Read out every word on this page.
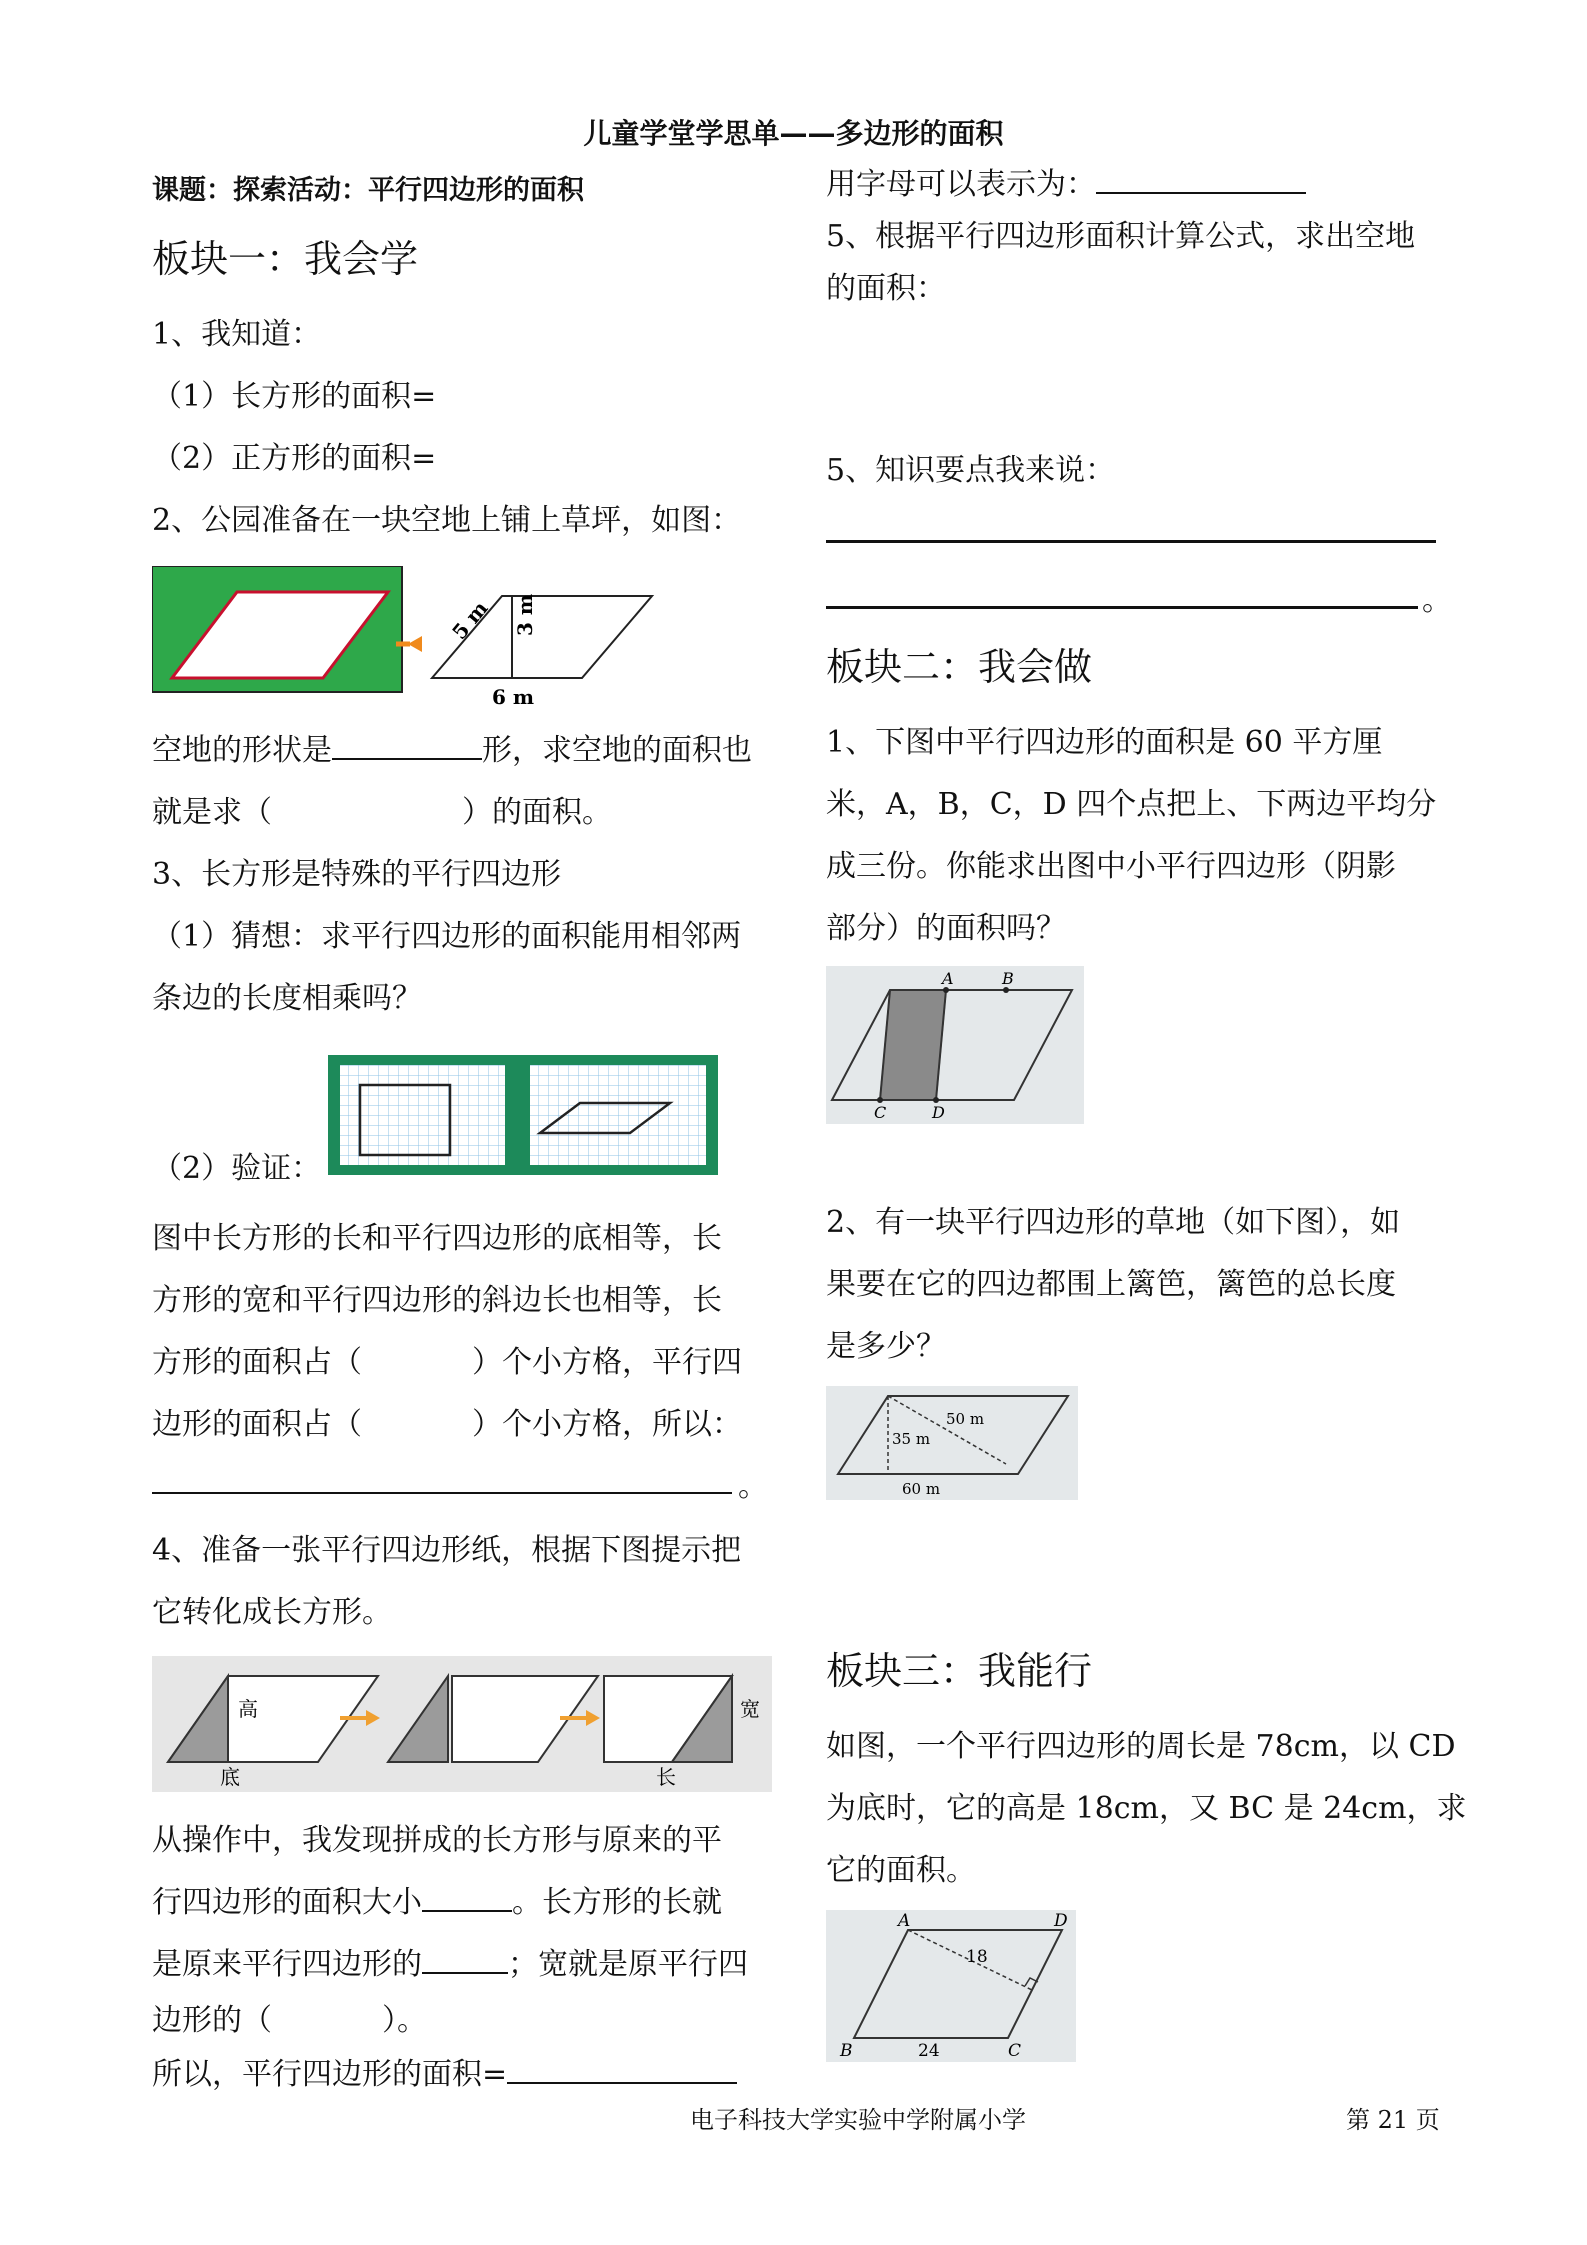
儿童学堂学思单——多边形的面积
课题：探索活动：平行四边形的面积
板块一：我会学
1、我知道：
（1）长方形的面积=
（2）正方形的面积=
2、公园准备在一块空地上铺上草坪，如图：
5 m 3 m
6 m
空地的形状是	形，求空地的面积也
就是求（	）的面积。
3、长方形是特殊的平行四边形
（1）猜想：求平行四边形的面积能用相邻两
条边的长度相乘吗？
（2）验证：
图中长方形的长和平行四边形的底相等，长
方形的宽和平行四边形的斜边长也相等，长
方形的面积占（	）个小方格，平行四
边形的面积占（	）个小方格，所以：
。
4、准备一张平行四边形纸，根据下图提示把
它转化成长方形。
高
底
宽
长
从操作中，我发现拼成的长方形与原来的平
行四边形的面积大小	。长方形的长就
是原来平行四边形的	；宽就是原平行四
边形的（	）。
所以，平行四边形的面积=
用字母可以表示为：
5、根据平行四边形面积计算公式，求出空地
的面积：
5、知识要点我来说：
。
板块二：我会做
1、下图中平行四边形的面积是 60 平方厘
米，A，B，C，D 四个点把上、下两边平均分
成三份。你能求出图中小平行四边形（阴影
部分）的面积吗？
A	B
C	D
2、有一块平行四边形的草地（如下图），如
果要在它的四边都围上篱笆，篱笆的总长度
是多少？
50 m
35 m
60 m
板块三：我能行
如图，一个平行四边形的周长是 78cm，以 CD
为底时，它的高是 18cm，又 BC 是 24cm，求
它的面积。
A	D
B	C
18
24
电子科技大学实验中学附属小学	第 21 页
